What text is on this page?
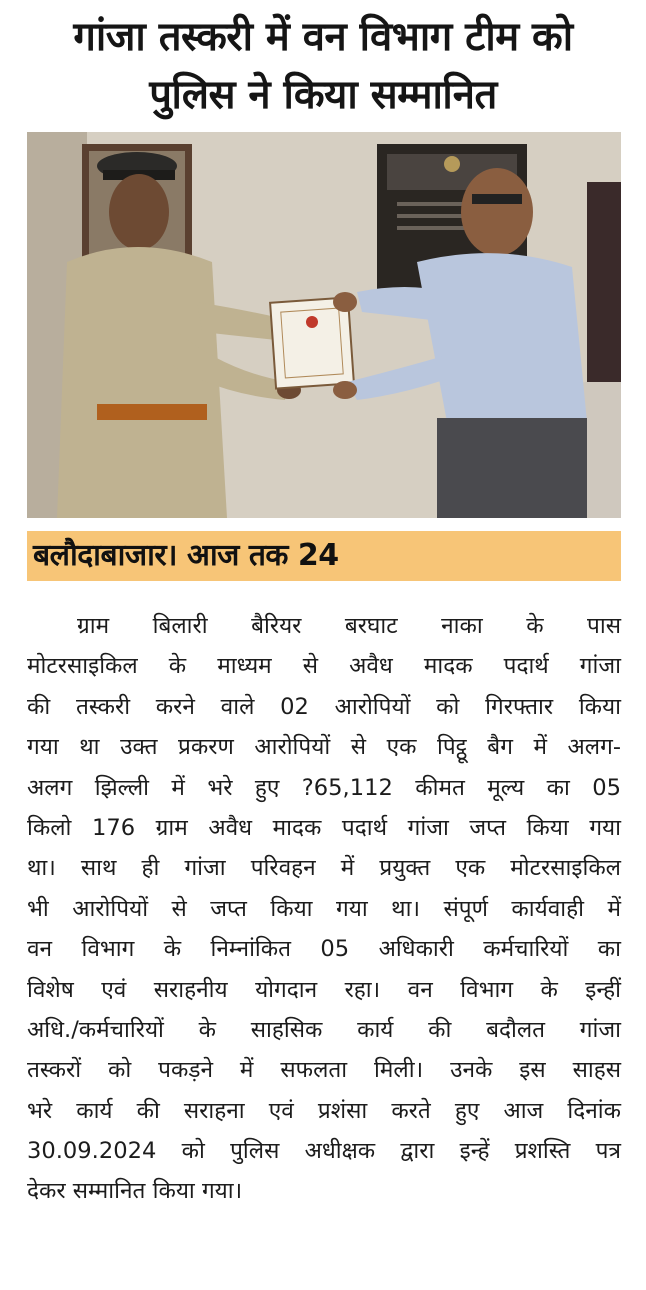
गांजा तस्करी में वन विभाग टीम को
पुलिस ने किया सम्मानित
बलौदाबाजार। आज तक 24
ग्राम बिलारी बैरियर बरघाट नाका के पास
मोटरसाइकिल के माध्यम से अवैध मादक पदार्थ गांजा
की तस्करी करने वाले 02 आरोपियों को गिरफ्तार किया
गया था उक्त प्रकरण आरोपियों से एक पिट्ठू बैग में अलग-
अलग झिल्ली में भरे हुए ?65,112 कीमत मूल्य का 05
किलो 176 ग्राम अवैध मादक पदार्थ गांजा जप्त किया गया
था। साथ ही गांजा परिवहन में प्रयुक्त एक मोटरसाइकिल
भी आरोपियों से जप्त किया गया था। संपूर्ण कार्यवाही में
वन विभाग के निम्नांकित 05 अधिकारी कर्मचारियों का
विशेष एवं सराहनीय योगदान रहा। वन विभाग के इन्हीं
अधि./कर्मचारियों के साहसिक कार्य की बदौलत गांजा
तस्करों को पकड़ने में सफलता मिली। उनके इस साहस
भरे कार्य की सराहना एवं प्रशंसा करते हुए आज दिनांक
30.09.2024 को पुलिस अधीक्षक द्वारा इन्हें प्रशस्ति पत्र
देकर सम्मानित किया गया।
